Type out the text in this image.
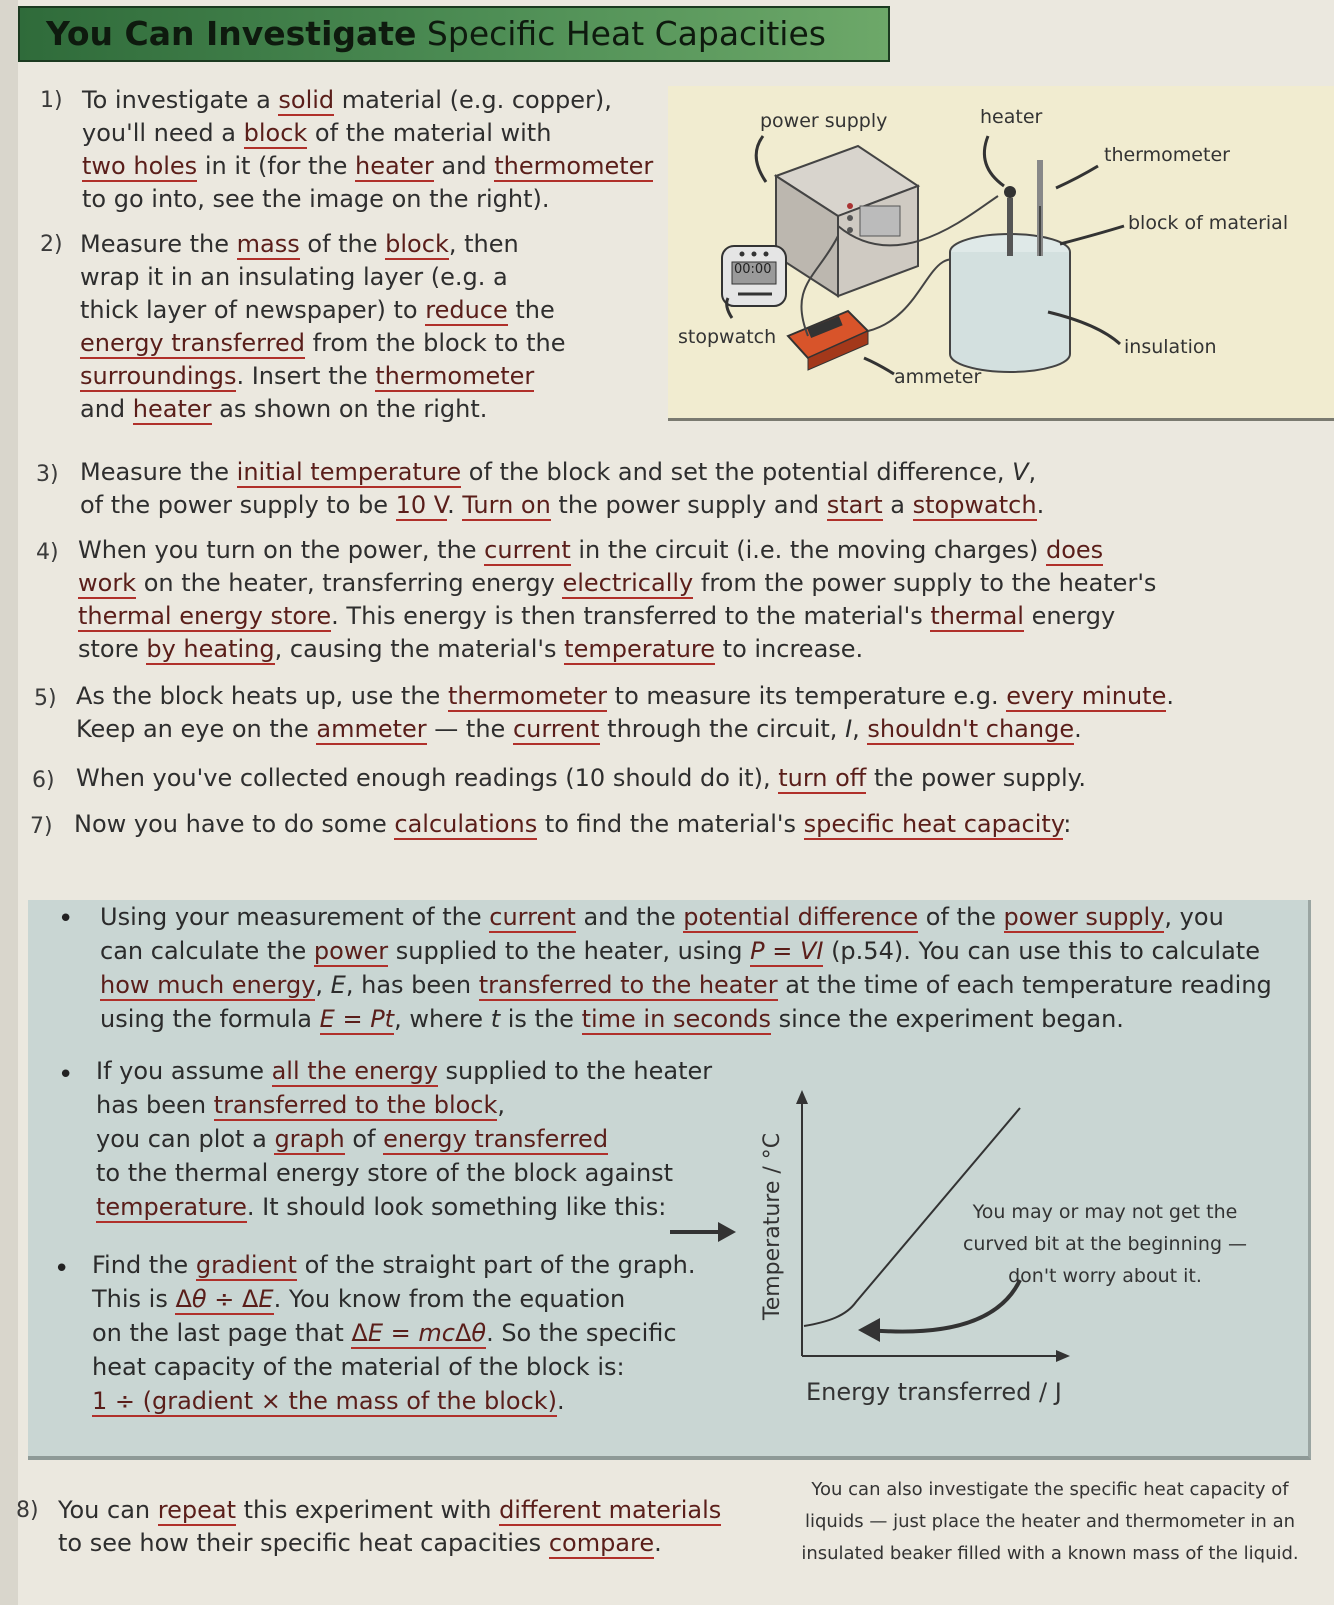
You Can Investigate Specific Heat Capacities
1) To investigate a solid material (e.g. copper),
you'll need a block of the material with
two holes in it (for the heater and thermometer
to go into, see the image on the right).
2) Measure the mass of the block, then
wrap it in an insulating layer (e.g. a
thick layer of newspaper) to reduce the
energy transferred from the block to the
surroundings. Insert the thermometer
and heater as shown on the right.
power supply	heater
thermometer
block of material
stopwatch	insulation
ammeter
00:00
3) Measure the initial temperature of the block and set the potential difference, V,
of the power supply to be 10 V. Turn on the power supply and start a stopwatch.
4) When you turn on the power, the current in the circuit (i.e. the moving charges) does
work on the heater, transferring energy electrically from the power supply to the heater's
thermal energy store. This energy is then transferred to the material's thermal energy
store by heating, causing the material's temperature to increase.
5) As the block heats up, use the thermometer to measure its temperature e.g. every minute.
Keep an eye on the ammeter — the current through the circuit, I, shouldn't change.
6) When you've collected enough readings (10 should do it), turn off the power supply.
7) Now you have to do some calculations to find the material's specific heat capacity:
• Using your measurement of the current and the potential difference of the power supply, you
can calculate the power supplied to the heater, using P = VI (p.54). You can use this to calculate
how much energy, E, has been transferred to the heater at the time of each temperature reading
using the formula E = Pt, where t is the time in seconds since the experiment began.
• If you assume all the energy supplied to the heater
has been transferred to the block,
you can plot a graph of energy transferred
to the thermal energy store of the block against
temperature. It should look something like this:
• Find the gradient of the straight part of the graph.
This is Δθ ÷ ΔE. You know from the equation
on the last page that ΔE = mcΔθ. So the specific
heat capacity of the material of the block is:
1 ÷ (gradient × the mass of the block).
Temperature / °C
Energy transferred / J
You may or may not get the
curved bit at the beginning —
don't worry about it.
8) You can repeat this experiment with different materials
to see how their specific heat capacities compare.
You can also investigate the specific heat capacity of
liquids — just place the heater and thermometer in an
insulated beaker filled with a known mass of the liquid.
